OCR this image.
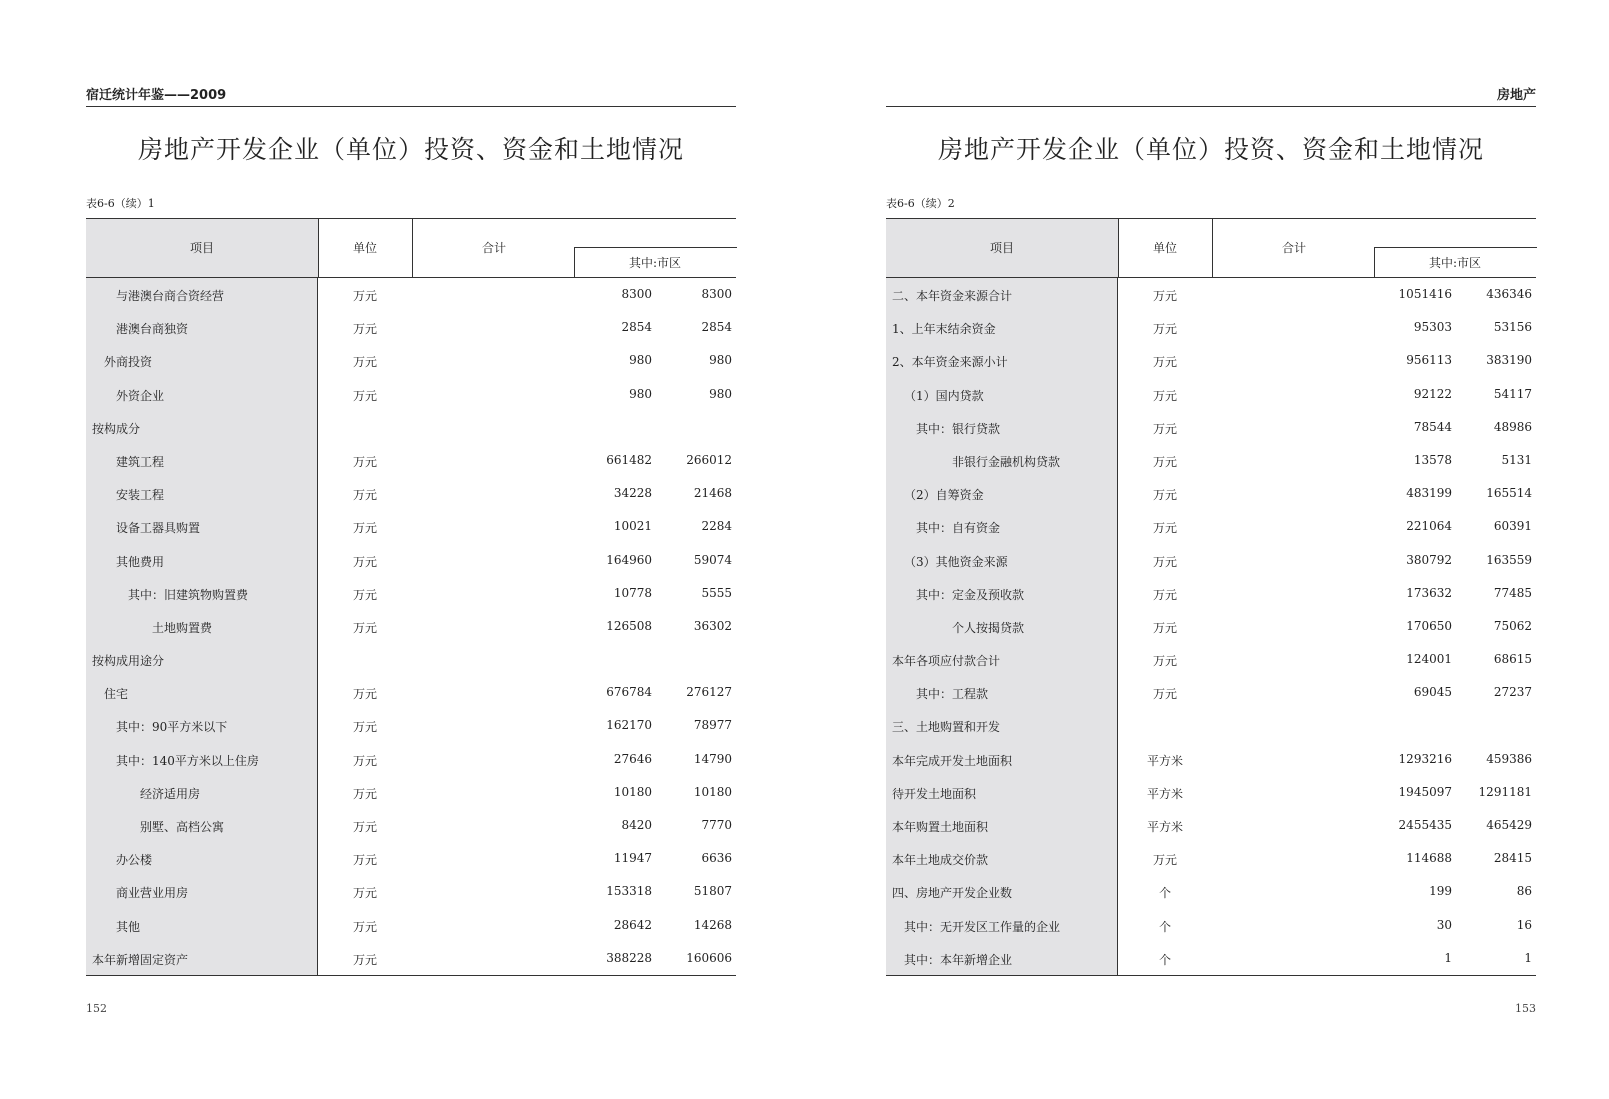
宿迁统计年鉴——2009
房地产开发企业（单位）投资、资金和土地情况
表6-6（续）1
项目	单位	合计
其中:市区
与港澳台商合资经营	万元	8300	8300
港澳台商独资	万元	2854	2854
外商投资	万元	980	980
外资企业	万元	980	980
按构成分
建筑工程	万元	661482	266012
安装工程	万元	34228	21468
设备工器具购置	万元	10021	2284
其他费用	万元	164960	59074
其中：旧建筑物购置费	万元	10778	5555
土地购置费	万元	126508	36302
按构成用途分
住宅	万元	676784	276127
其中：90平方米以下	万元	162170	78977
其中：140平方米以上住房	万元	27646	14790
经济适用房	万元	10180	10180
别墅、高档公寓	万元	8420	7770
办公楼	万元	11947	6636
商业营业用房	万元	153318	51807
其他	万元	28642	14268
本年新增固定资产	万元	388228	160606
152
房地产
房地产开发企业（单位）投资、资金和土地情况
表6-6（续）2
项目	单位	合计
其中:市区
二、本年资金来源合计	万元	1051416	436346
1、上年末结余资金	万元	95303	53156
2、本年资金来源小计	万元	956113	383190
（1）国内贷款	万元	92122	54117
其中：银行贷款	万元	78544	48986
非银行金融机构贷款	万元	13578	5131
（2）自筹资金	万元	483199	165514
其中：自有资金	万元	221064	60391
（3）其他资金来源	万元	380792	163559
其中：定金及预收款	万元	173632	77485
个人按揭贷款	万元	170650	75062
本年各项应付款合计	万元	124001	68615
其中：工程款	万元	69045	27237
三、土地购置和开发
本年完成开发土地面积	平方米	1293216	459386
待开发土地面积	平方米	1945097	1291181
本年购置土地面积	平方米	2455435	465429
本年土地成交价款	万元	114688	28415
四、房地产开发企业数	个	199	86
其中：无开发区工作量的企业	个	30	16
其中：本年新增企业	个	1	1
153
